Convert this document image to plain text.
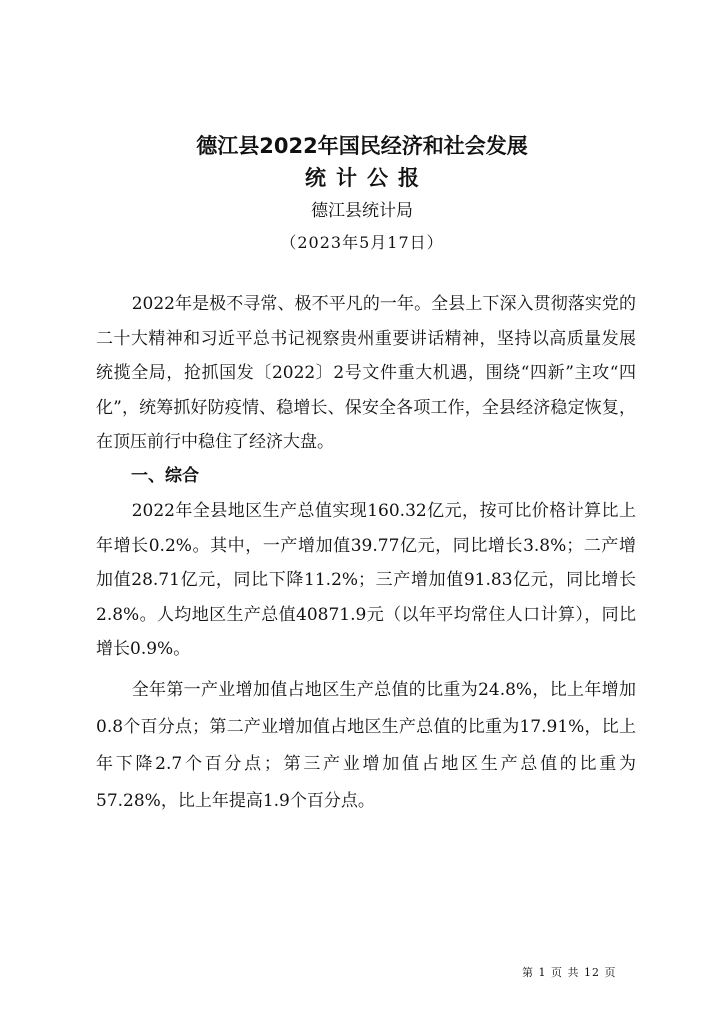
德江县2022年国民经济和社会发展
统计公报
德江县统计局
（2023年5月17日）

2022年是极不寻常、极不平凡的一年。全县上下深入贯彻落实党的二十大精神和习近平总书记视察贵州重要讲话精神，坚持以高质量发展统揽全局，抢抓国发〔2022〕2号文件重大机遇，围绕“四新”主攻“四化”，统筹抓好防疫情、稳增长、保安全各项工作，全县经济稳定恢复，在顶压前行中稳住了经济大盘。

一、综合

2022年全县地区生产总值实现160.32亿元，按可比价格计算比上年增长0.2%。其中，一产增加值39.77亿元，同比增长3.8%；二产增加值28.71亿元，同比下降11.2%；三产增加值91.83亿元，同比增长2.8%。人均地区生产总值40871.9元（以年平均常住人口计算），同比增长0.9%。

全年第一产业增加值占地区生产总值的比重为24.8%，比上年增加0.8个百分点；第二产业增加值占地区生产总值的比重为17.91%，比上年下降2.7个百分点；第三产业增加值占地区生产总值的比重为57.28%，比上年提高1.9个百分点。

第 1 页 共 12 页
